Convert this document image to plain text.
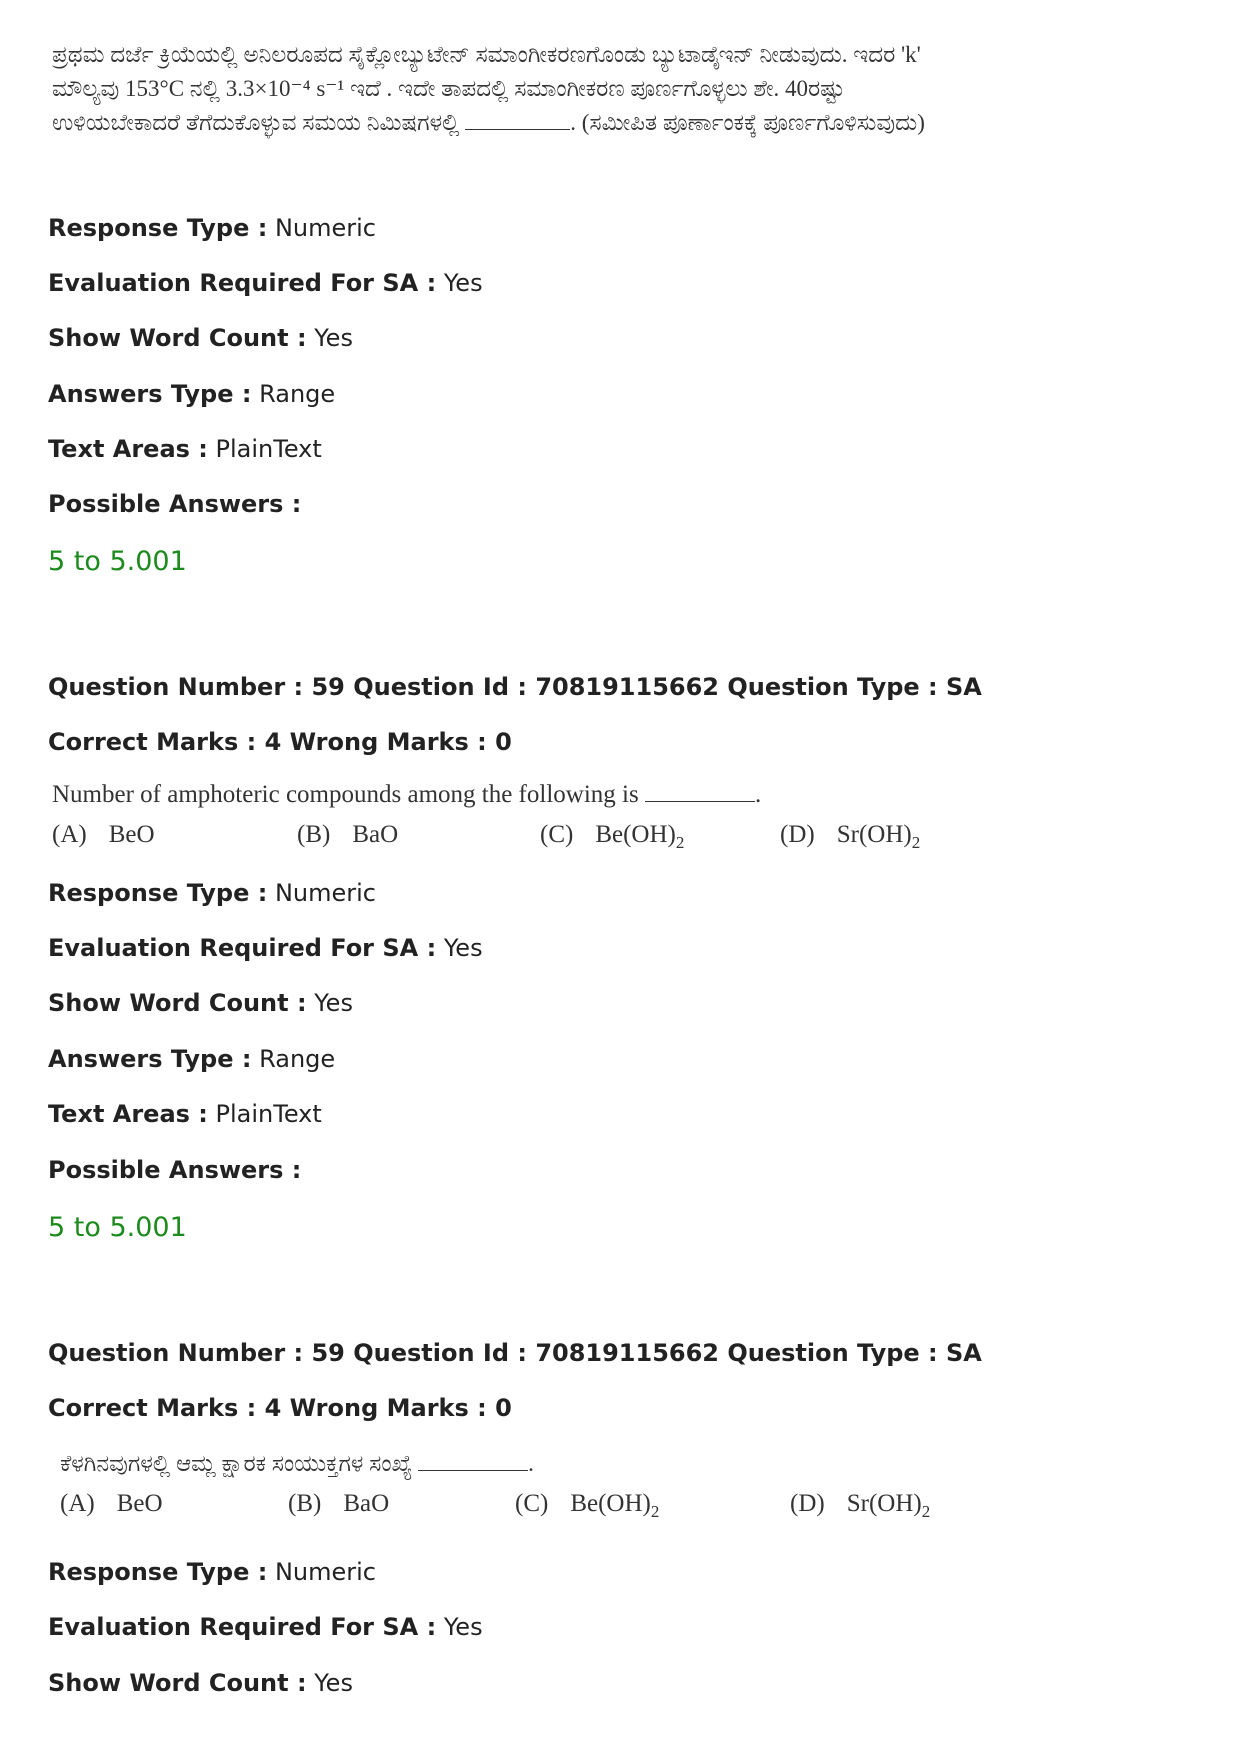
ಪ್ರಥಮ ದರ್ಜೆ ಕ್ರಿಯೆಯಲ್ಲಿ ಅನಿಲರೂಪದ ಸೈಕ್ಲೋಬ್ಯುಟೇನ್ ಸಮಾಂಗೀಕರಣಗೊಂಡು ಬ್ಯುಟಾಡೈಇನ್ ನೀಡುವುದು. ಇದರ 'k' ಮೌಲ್ಯವು 153°C ನಲ್ಲಿ 3.3×10⁻⁴ s⁻¹ ಇದೆ . ಇದೇ ತಾಪದಲ್ಲಿ ಸಮಾಂಗೀಕರಣ ಪೂರ್ಣಗೊಳ್ಳಲು ಶೇ. 40ರಷ್ಟು ಉಳಿಯಬೇಕಾದರೆ ತೆಗೆದುಕೊಳ್ಳುವ ಸಮಯ ನಿಮಿಷಗಳಲ್ಲಿ	. (ಸಮೀಪಿತ ಪೂರ್ಣಾಂಕಕ್ಕೆ ಪೂರ್ಣಗೊಳಿಸುವುದು)
Response Type : Numeric
Evaluation Required For SA : Yes
Show Word Count : Yes
Answers Type : Range
Text Areas : PlainText
Possible Answers :
5 to 5.001
Question Number : 59 Question Id : 70819115662 Question Type : SA
Correct Marks : 4 Wrong Marks : 0
Number of amphoteric compounds among the following is	.
(A) BeO	(B) BaO	(C) $Be(OH)_2$	(D) $Sr(OH)_2$
Response Type : Numeric
Evaluation Required For SA : Yes
Show Word Count : Yes
Answers Type : Range
Text Areas : PlainText
Possible Answers :
5 to 5.001
Question Number : 59 Question Id : 70819115662 Question Type : SA
Correct Marks : 4 Wrong Marks : 0
ಕೆಳಗಿನವುಗಳಲ್ಲಿ ಆಮ್ಲ ಕ್ಷಾರಕ ಸಂಯುಕ್ತಗಳ ಸಂಖ್ಯೆ	.
(A) BeO	(B) BaO	(C) $Be(OH)_2$	(D) $Sr(OH)_2$
Response Type : Numeric
Evaluation Required For SA : Yes
Show Word Count : Yes
